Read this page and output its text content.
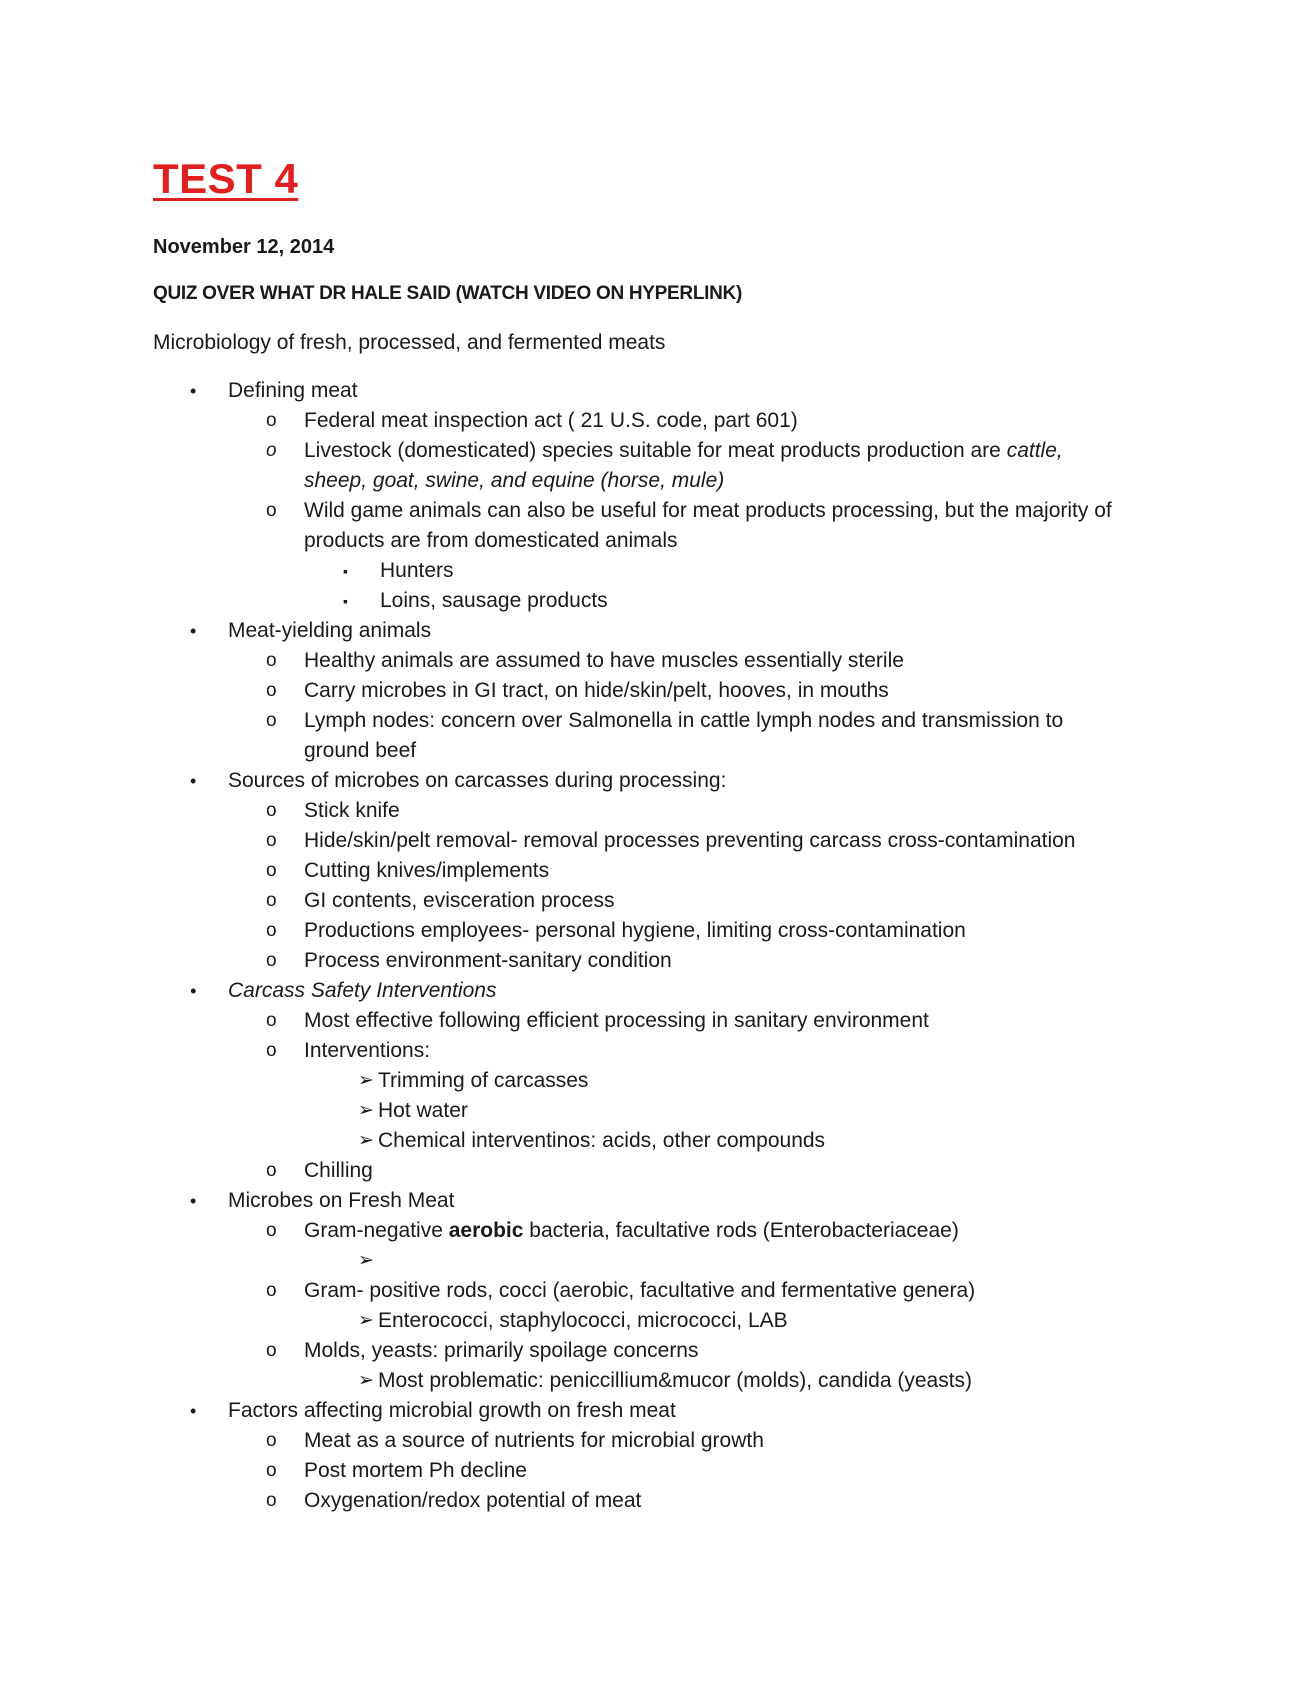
TEST 4
November 12, 2014
QUIZ OVER WHAT DR HALE SAID (WATCH VIDEO ON HYPERLINK)
Microbiology of fresh, processed, and fermented meats
• Defining meat
o Federal meat inspection act ( 21 U.S. code, part 601)
o Livestock (domesticated) species suitable for meat products production are cattle,
sheep, goat, swine, and equine (horse, mule)
o Wild game animals can also be useful for meat products processing, but the majority of
products are from domesticated animals
▪ Hunters
▪ Loins, sausage products
• Meat-yielding animals
o Healthy animals are assumed to have muscles essentially sterile
o Carry microbes in GI tract, on hide/skin/pelt, hooves, in mouths
o Lymph nodes: concern over Salmonella in cattle lymph nodes and transmission to
ground beef
• Sources of microbes on carcasses during processing:
o Stick knife
o Hide/skin/pelt removal- removal processes preventing carcass cross-contamination
o Cutting knives/implements
o GI contents, evisceration process
o Productions employees- personal hygiene, limiting cross-contamination
o Process environment-sanitary condition
• Carcass Safety Interventions
o Most effective following efficient processing in sanitary environment
o Interventions:
➢ Trimming of carcasses
➢ Hot water
➢ Chemical interventinos: acids, other compounds
o Chilling
• Microbes on Fresh Meat
o Gram-negative aerobic bacteria, facultative rods (Enterobacteriaceae)
➢
o Gram- positive rods, cocci (aerobic, facultative and fermentative genera)
➢ Enterococci, staphylococci, micrococci, LAB
o Molds, yeasts: primarily spoilage concerns
➢ Most problematic: peniccillium&mucor (molds), candida (yeasts)
• Factors affecting microbial growth on fresh meat
o Meat as a source of nutrients for microbial growth
o Post mortem Ph decline
o Oxygenation/redox potential of meat
